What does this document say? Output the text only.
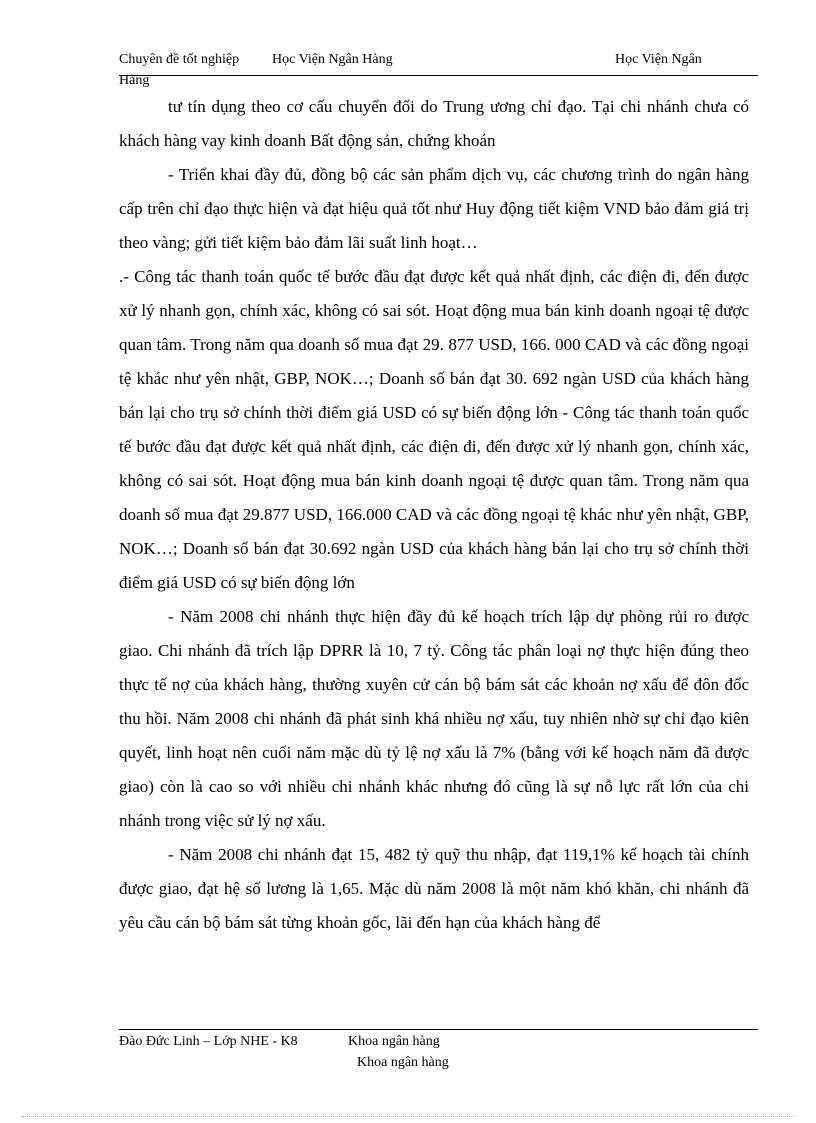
Chuyên đề tốt nghiệp Học Viện Ngân Hàng	Học Viện Ngân
Hàng

tư tín dụng theo cơ cấu chuyển đổi do Trung ương chỉ đạo. Tại chi nhánh chưa có khách hàng vay kinh doanh Bất động sản, chứng khoán

- Triển khai đầy đủ, đồng bộ các sản phẩm dịch vụ, các chương trình do ngân hàng cấp trên chỉ đạo thực hiện và đạt hiệu quả tốt như Huy động tiết kiệm VND bảo đảm giá trị theo vàng; gửi tiết kiệm bảo đảm lãi suất linh hoạt…

.- Công tác thanh toán quốc tế bước đầu đạt được kết quả nhất định, các điện đi, đến được xử lý nhanh gọn, chính xác, không có sai sót. Hoạt động mua bán kinh doanh ngoại tệ được quan tâm. Trong năm qua doanh số mua đạt 29. 877 USD, 166. 000 CAD và các đồng ngoại tệ khác như yên nhật, GBP, NOK…; Doanh số bán đạt 30. 692 ngàn USD của khách hàng bán lại cho trụ sở chính thời điểm giá USD có sự biến động lớn - Công tác thanh toán quốc tế bước đầu đạt được kết quả nhất định, các điện đi, đến được xử lý nhanh gọn, chính xác, không có sai sót. Hoạt động mua bán kinh doanh ngoại tệ được quan tâm. Trong năm qua doanh số mua đạt 29.877 USD, 166.000 CAD và các đồng ngoại tệ khác như yên nhật, GBP, NOK…; Doanh số bán đạt 30.692 ngàn USD của khách hàng bán lại cho trụ sở chính thời điểm giá USD có sự biến động lớn

- Năm 2008 chi nhánh thực hiện đầy đủ kế hoạch trích lập dự phòng rủi ro được giao. Chi nhánh đã trích lập DPRR là 10, 7 tỷ. Công tác phân loại nợ thực hiện đúng theo thực tế nợ của khách hàng, thường xuyên cử cán bộ bám sát các khoản nợ xấu để đôn đốc thu hồi. Năm 2008 chi nhánh đã phát sinh khá nhiều nợ xấu, tuy nhiên nhờ sự chỉ đạo kiên quyết, linh hoạt nên cuối năm mặc dù tỷ lệ nợ xấu là 7% (bằng với kế hoạch năm đã được giao) còn là cao so với nhiều chi nhánh khác nhưng đó cũng là sự nỗ lực rất lớn của chi nhánh trong việc sử lý nợ xấu.

- Năm 2008 chi nhánh đạt 15, 482 tỷ quỹ thu nhập, đạt 119,1% kế hoạch tài chính được giao, đạt hệ số lương là 1,65. Mặc dù năm 2008 là một năm khó khăn, chi nhánh đã yêu cầu cán bộ bám sát từng khoản gốc, lãi đến hạn của khách hàng để

Đào Đức Linh – Lớp NHE - K8	Khoa ngân hàng
Khoa ngân hàng
